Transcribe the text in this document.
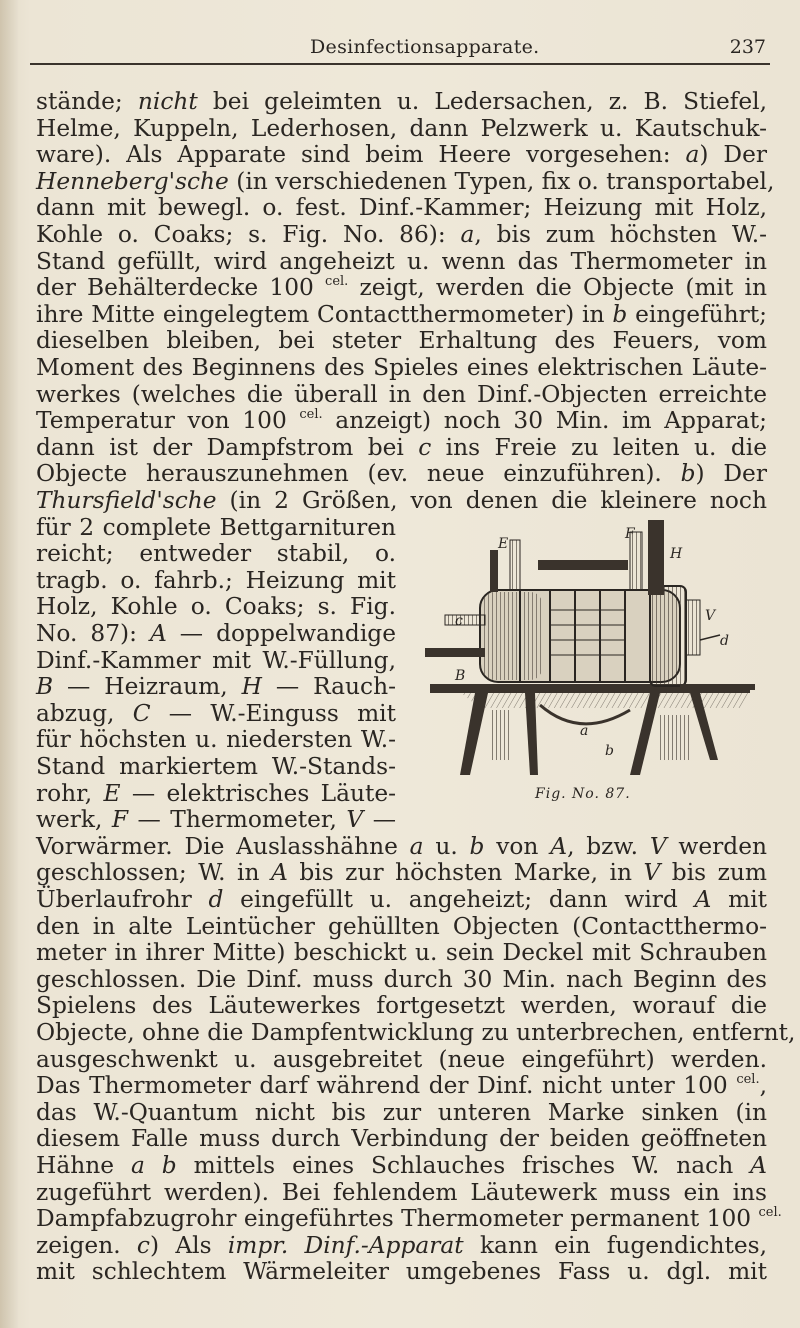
Desinfectionsapparate.	237
stände; nicht bei geleimten u. Ledersachen, z. B. Stiefel,
Helme, Kuppeln, Lederhosen, dann Pelzwerk u. Kautschuk-
ware). Als Apparate sind beim Heere vorgesehen: a) Der
Henneberg'sche (in verschiedenen Typen, fix o. transportabel,
dann mit bewegl. o. fest. Dinf.-Kammer; Heizung mit Holz,
Kohle o. Coaks; s. Fig. No. 86): a, bis zum höchsten W.-
Stand gefüllt, wird angeheizt u. wenn das Thermometer in
der Behälterdecke 100 $^{cel.}$ zeigt, werden die Objecte (mit in
ihre Mitte eingelegtem Contactthermometer) in b eingeführt;
dieselben bleiben, bei steter Erhaltung des Feuers, vom
Moment des Beginnens des Spieles eines elektrischen Läute-
werkes (welches die überall in den Dinf.-Objecten erreichte
Temperatur von 100 $^{cel.}$ anzeigt) noch 30 Min. im Apparat;
dann ist der Dampfstrom bei c ins Freie zu leiten u. die
Objecte herauszunehmen (ev. neue einzuführen). b) Der
Thursfield'sche (in 2 Größen, von denen die kleinere noch
für 2 complete Bettgarnituren
reicht; entweder stabil, o.
tragb. o. fahrb.; Heizung mit
Holz, Kohle o. Coaks; s. Fig.
No. 87): A — doppelwandige
Dinf.-Kammer mit W.-Füllung,
B — Heizraum, H — Rauch-
abzug, C — W.-Einguss mit
für höchsten u. niedersten W.-
Stand markiertem W.-Stands-
rohr, E — elektrisches Läute-
werk, F — Thermometer, V —
Vorwärmer. Die Auslasshähne a u. b von A, bzw. V werden
geschlossen; W. in A bis zur höchsten Marke, in V bis zum
Überlaufrohr d eingefüllt u. angeheizt; dann wird A mit
den in alte Leintücher gehüllten Objecten (Contactthermo-
meter in ihrer Mitte) beschickt u. sein Deckel mit Schrauben
geschlossen. Die Dinf. muss durch 30 Min. nach Beginn des
Spielens des Läutewerkes fortgesetzt werden, worauf die
Objecte, ohne die Dampfentwicklung zu unterbrechen, entfernt,
ausgeschwenkt u. ausgebreitet (neue eingeführt) werden.
Das Thermometer darf während der Dinf. nicht unter 100 $^{cel.}$,
das W.-Quantum nicht bis zur unteren Marke sinken (in
diesem Falle muss durch Verbindung der beiden geöffneten
Hähne a b mittels eines Schlauches frisches W. nach A
zugeführt werden). Bei fehlendem Läutewerk muss ein ins
Dampfabzugrohr eingeführtes Thermometer permanent 100 $^{cel.}$
zeigen. c) Als impr. Dinf.-Apparat kann ein fugendichtes,
mit schlechtem Wärmeleiter umgebenes Fass u. dgl. mit
E
F
H
c	V
d
B
a
b
Fig. No. 87.
